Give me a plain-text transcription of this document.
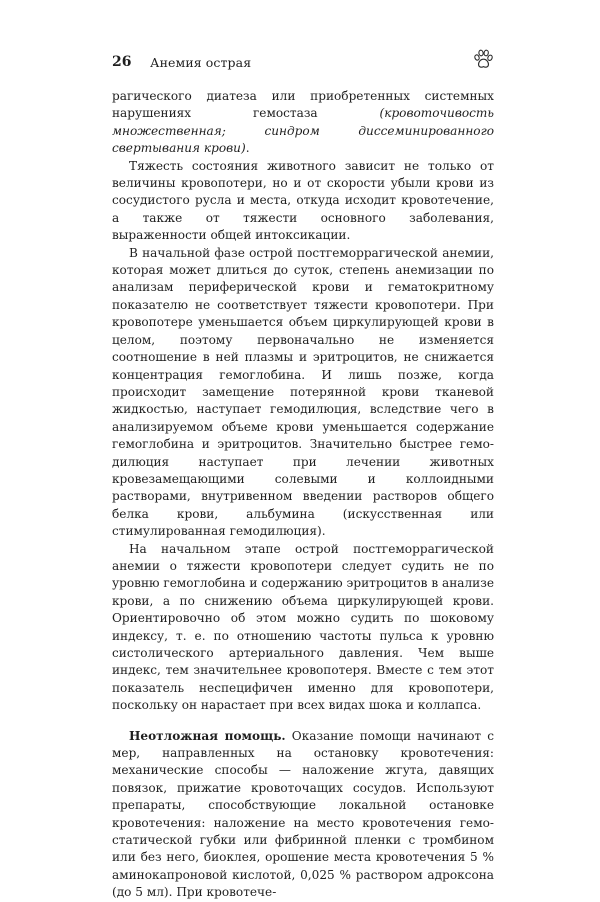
26 Анемия острая

рагического диатеза или приобретенных системных нарушениях гемостаза (кровоточивость множественная; синдром диссеминированного свертывания крови).

Тяжесть состояния животного зависит не только от величины кровопотери, но и от скорости убыли крови из сосудистого русла и места, откуда исходит кровотечение, а также от тяжести основного заболевания, выраженности общей интоксикации.

В начальной фазе острой постгеморрагической анемии, которая может длиться до суток, степень анемизации по анализам периферической крови и гематокритному показателю не соответствует тяжести кровопотери. При кровопотере уменьшается объем циркулирующей крови в целом, поэтому первоначально не изменяется соотношение в ней плазмы и эритроцитов, не снижается концентрация гемоглобина. И лишь позже, когда происходит замещение потерянной крови тканевой жидкостью, наступает гемодилюция, вследствие чего в анализируемом объеме крови уменьшается содержание гемоглобина и эритроцитов. Значительно быстрее гемодилюция наступает при лечении животных кровезамещающими солевыми и коллоидными растворами, внутривенном введении растворов общего белка крови, альбумина (искусственная или стимулированная гемодилюция).

На начальном этапе острой постгеморрагической анемии о тяжести кровопотери следует судить не по уровню гемоглобина и содержанию эритроцитов в анализе крови, а по снижению объема циркулирующей крови. Ориентировочно об этом можно судить по шоковому индексу, т. е. по отношению частоты пульса к уровню систолического артериального давления. Чем выше индекс, тем значительнее кровопотеря. Вместе с тем этот показатель неспецифичен именно для кровопотери, поскольку он нарастает при всех видах шока и коллапса.

Неотложная помощь. Оказание помощи начинают с мер, направленных на остановку кровотечения: механические способы — наложение жгута, давящих повязок, прижатие кровоточащих сосудов. Используют препараты, способствующие локальной остановке кровотечения: наложение на место кровотечения гемостатической губки или фибринной пленки с тромбином или без него, биоклея, орошение места кровотечения 5 % аминокапроновой кислотой, 0,025 % раствором адроксона (до 5 мл). При кровотече-
